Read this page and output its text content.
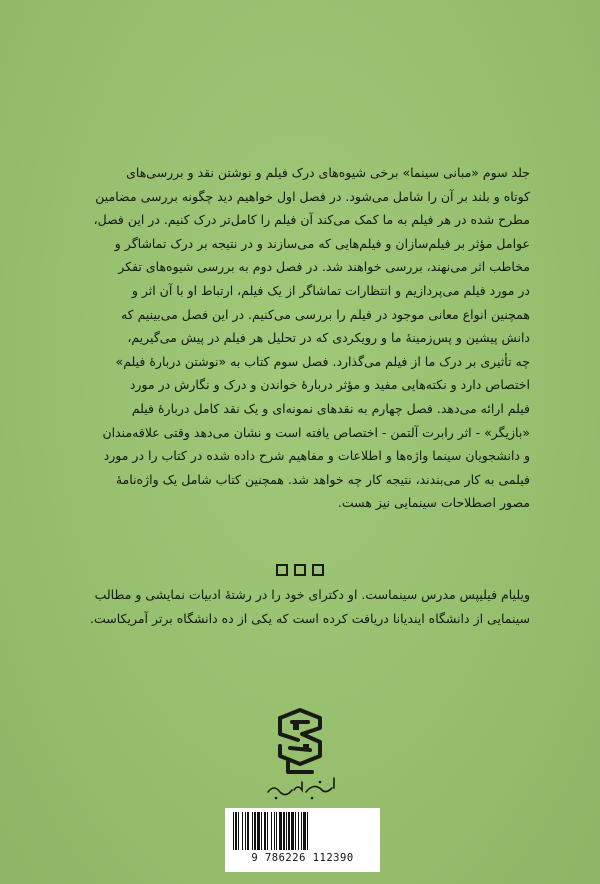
جلد سوم «مبانی سینما» برخی شیوه‌های درک فیلم و نوشتن نقد و بررسی‌های
کوتاه و بلند بر آن را شامل می‌شود. در فصل اول خواهیم دید چگونه بررسی مضامین
مطرح شده در هر فیلم به ما کمک می‌کند آن فیلم را کامل‌تر درک کنیم. در این فصل،
عوامل مؤثر بر فیلم‌سازان و فیلم‌هایی که می‌سازند و در نتیجه بر درک تماشاگر و
مخاطب اثر می‌نهند، بررسی خواهند شد. در فصل دوم به بررسی شیوه‌های تفکر
در مورد فیلم می‌پردازیم و انتظارات تماشاگر از یک فیلم، ارتباط او با آن اثر و
همچنین انواع معانی موجود در فیلم را بررسی می‌کنیم. در این فصل می‌بینیم که
دانش پیشین و پس‌زمینهٔ ما و رویکردی که در تحلیل هر فیلم در پیش می‌گیریم،
چه تأثیری بر درک ما از فیلم می‌گذارد. فصل سوم کتاب به «نوشتن دربارهٔ فیلم»
اختصاص دارد و نکته‌هایی مفید و مؤثر دربارهٔ خواندن و درک و نگارش در مورد
فیلم ارائه می‌دهد. فصل چهارم به نقدهای نمونه‌ای و یک نقد کامل دربارهٔ فیلم
«بازیگر» - اثر رابرت آلتمن - اختصاص یافته است و نشان می‌دهد وقتی علاقه‌مندان
و دانشجویان سینما واژه‌ها و اطلاعات و مفاهیم شرح داده شده در کتاب را در مورد
فیلمی به کار می‌بندند، نتیجه کار چه خواهد شد. همچنین کتاب شامل یک واژه‌نامهٔ
مصور اصطلاحات سینمایی نیز هست.
ویلیام فیلیپس مدرس سینماست. او دکترای خود را در رشتهٔ ادبیات نمایشی و مطالب
سینمایی از دانشگاه ایندیانا دریافت کرده است که یکی از ده دانشگاه برتر آمریکاست.
9 786226 112390
